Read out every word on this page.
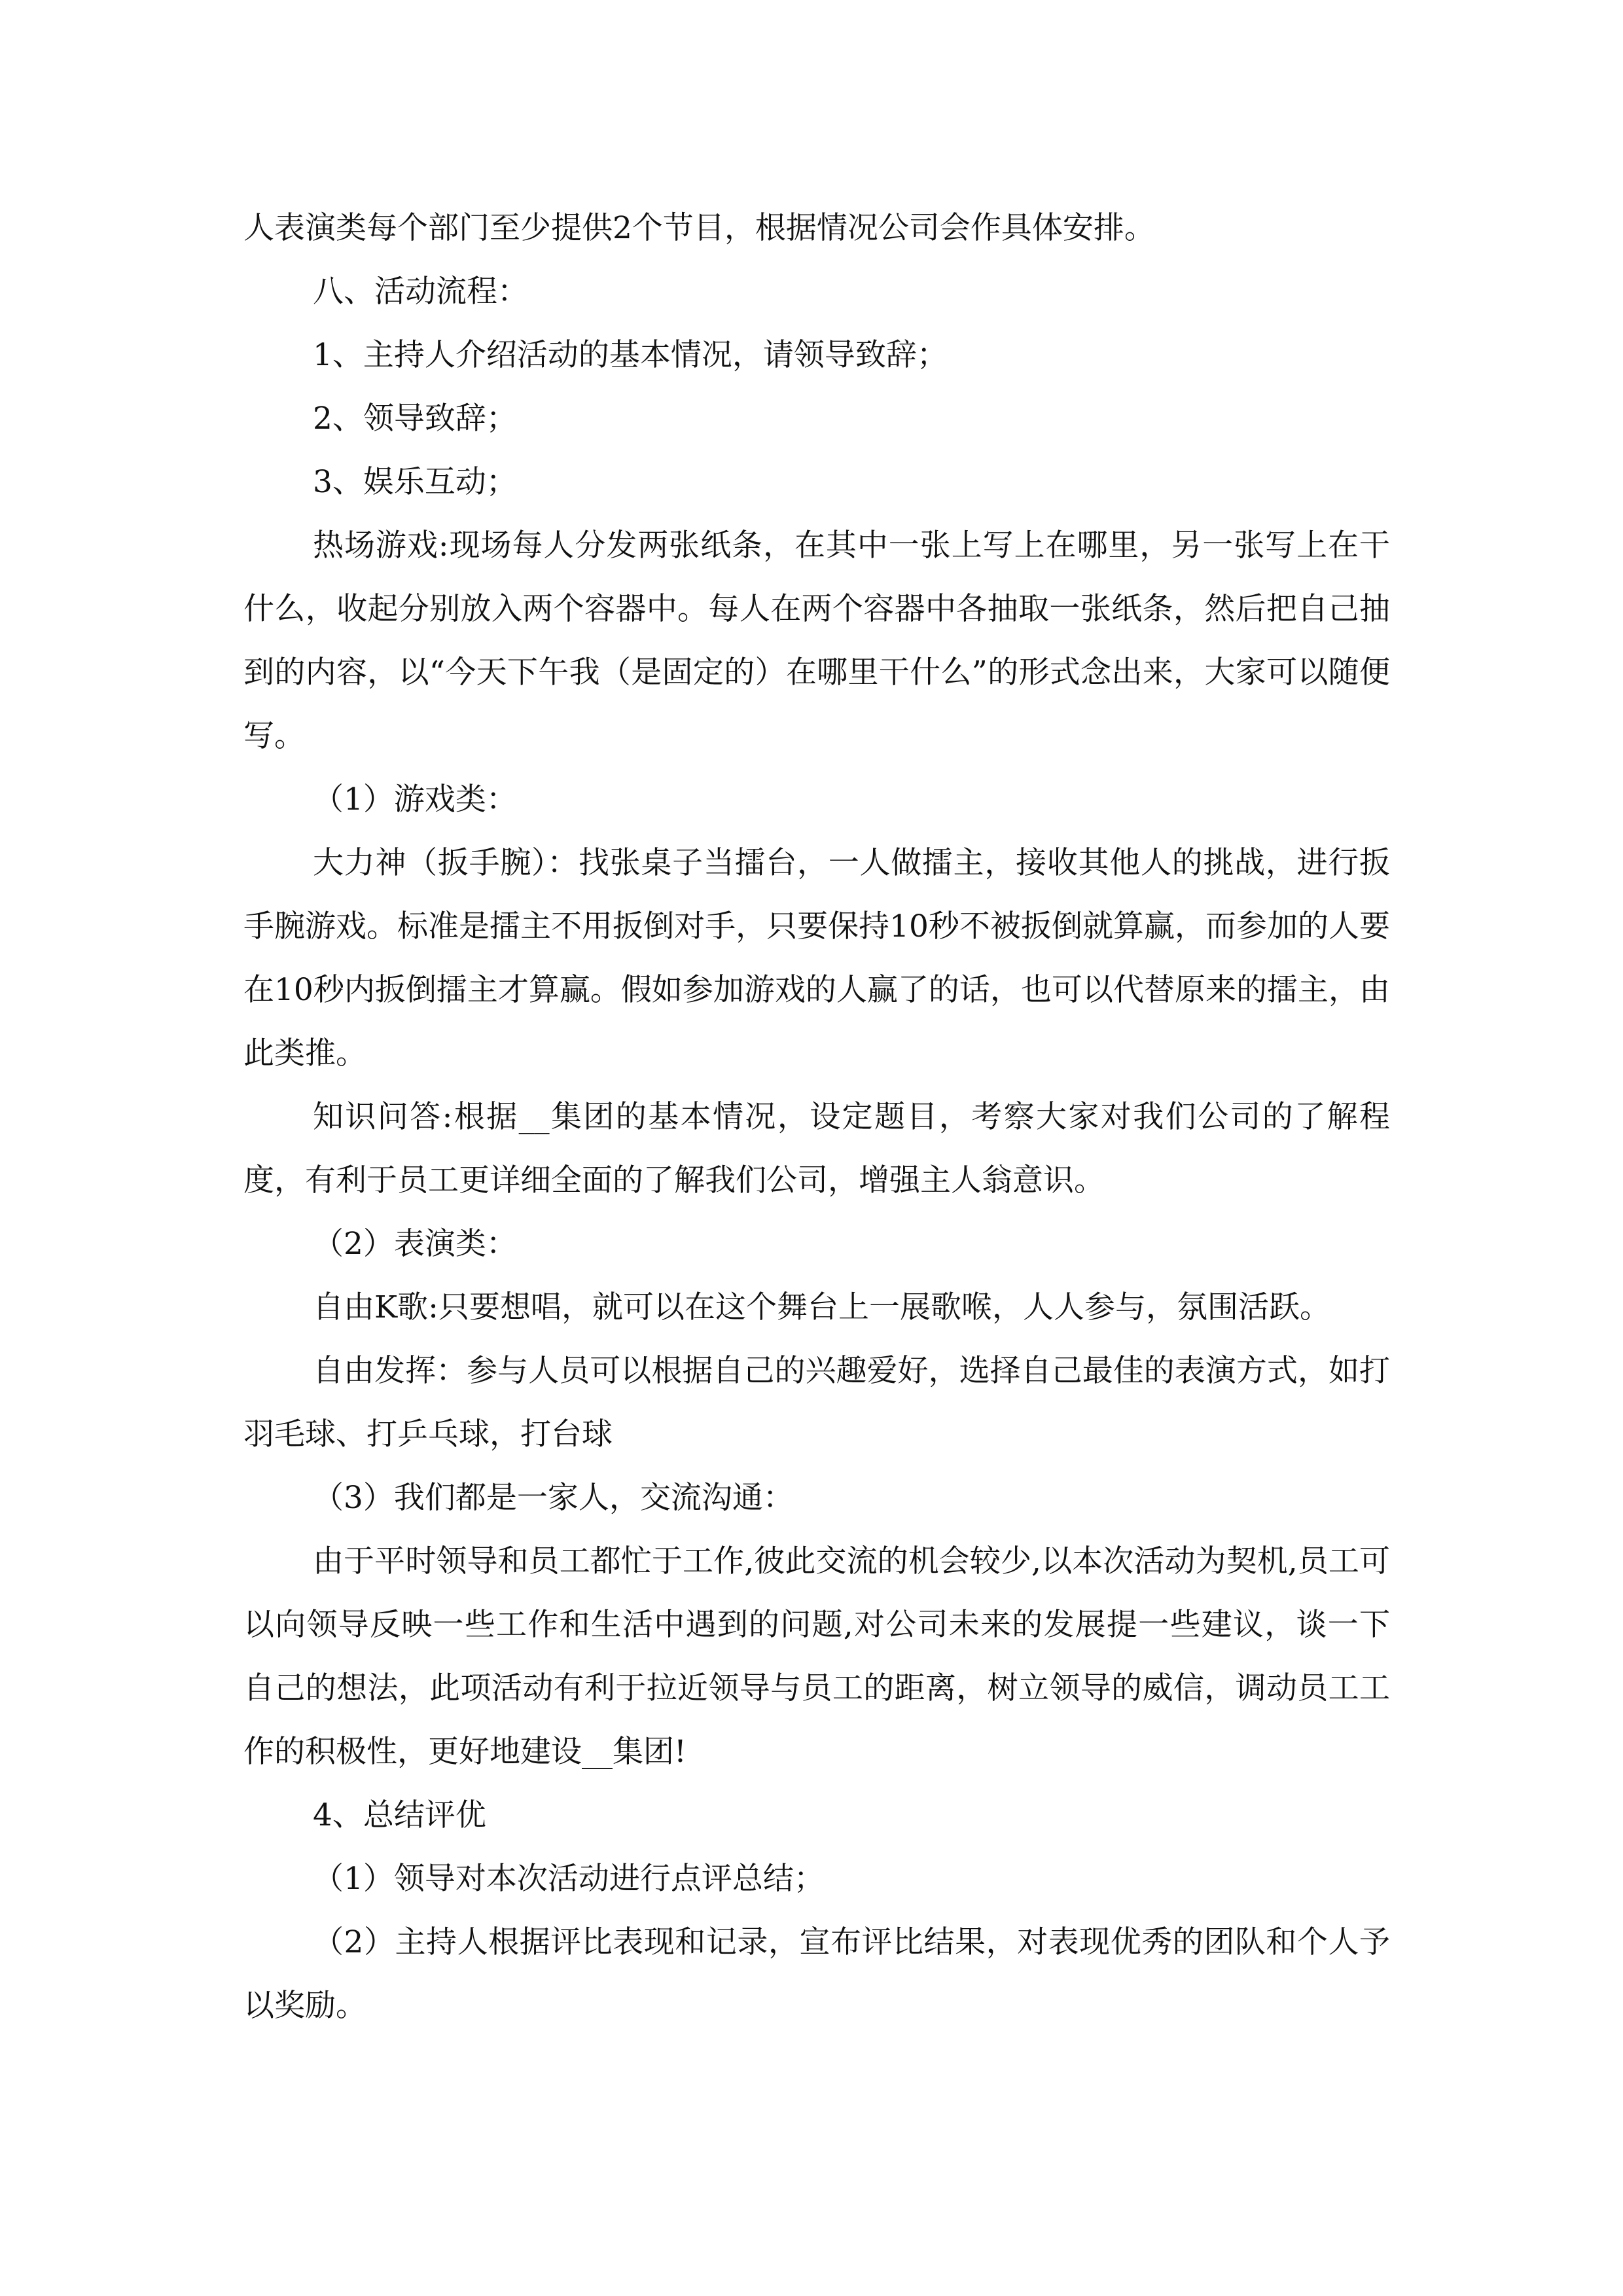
人表演类每个部门至少提供2个节目，根据情况公司会作具体安排。

八、活动流程：

1、主持人介绍活动的基本情况，请领导致辞；

2、领导致辞；

3、娱乐互动；

热场游戏:现场每人分发两张纸条，在其中一张上写上在哪里，另一张写上在干什么，收起分别放入两个容器中。每人在两个容器中各抽取一张纸条，然后把自己抽到的内容，以“今天下午我（是固定的）在哪里干什么”的形式念出来，大家可以随便写。

（1）游戏类：

大力神（扳手腕）：找张桌子当擂台，一人做擂主，接收其他人的挑战，进行扳手腕游戏。标准是擂主不用扳倒对手，只要保持10秒不被扳倒就算赢，而参加的人要在10秒内扳倒擂主才算赢。假如参加游戏的人赢了的话，也可以代替原来的擂主，由此类推。

知识问答:根据__集团的基本情况，设定题目，考察大家对我们公司的了解程度，有利于员工更详细全面的了解我们公司，增强主人翁意识。

（2）表演类：

自由K歌:只要想唱，就可以在这个舞台上一展歌喉，人人参与，氛围活跃。

自由发挥：参与人员可以根据自己的兴趣爱好，选择自己最佳的表演方式，如打羽毛球、打乒乓球，打台球

（3）我们都是一家人，交流沟通：

由于平时领导和员工都忙于工作,彼此交流的机会较少,以本次活动为契机,员工可以向领导反映一些工作和生活中遇到的问题,对公司未来的发展提一些建议，谈一下自己的想法，此项活动有利于拉近领导与员工的距离，树立领导的威信，调动员工工作的积极性，更好地建设__集团!

4、总结评优

（1）领导对本次活动进行点评总结；

（2）主持人根据评比表现和记录，宣布评比结果，对表现优秀的团队和个人予以奖励。
